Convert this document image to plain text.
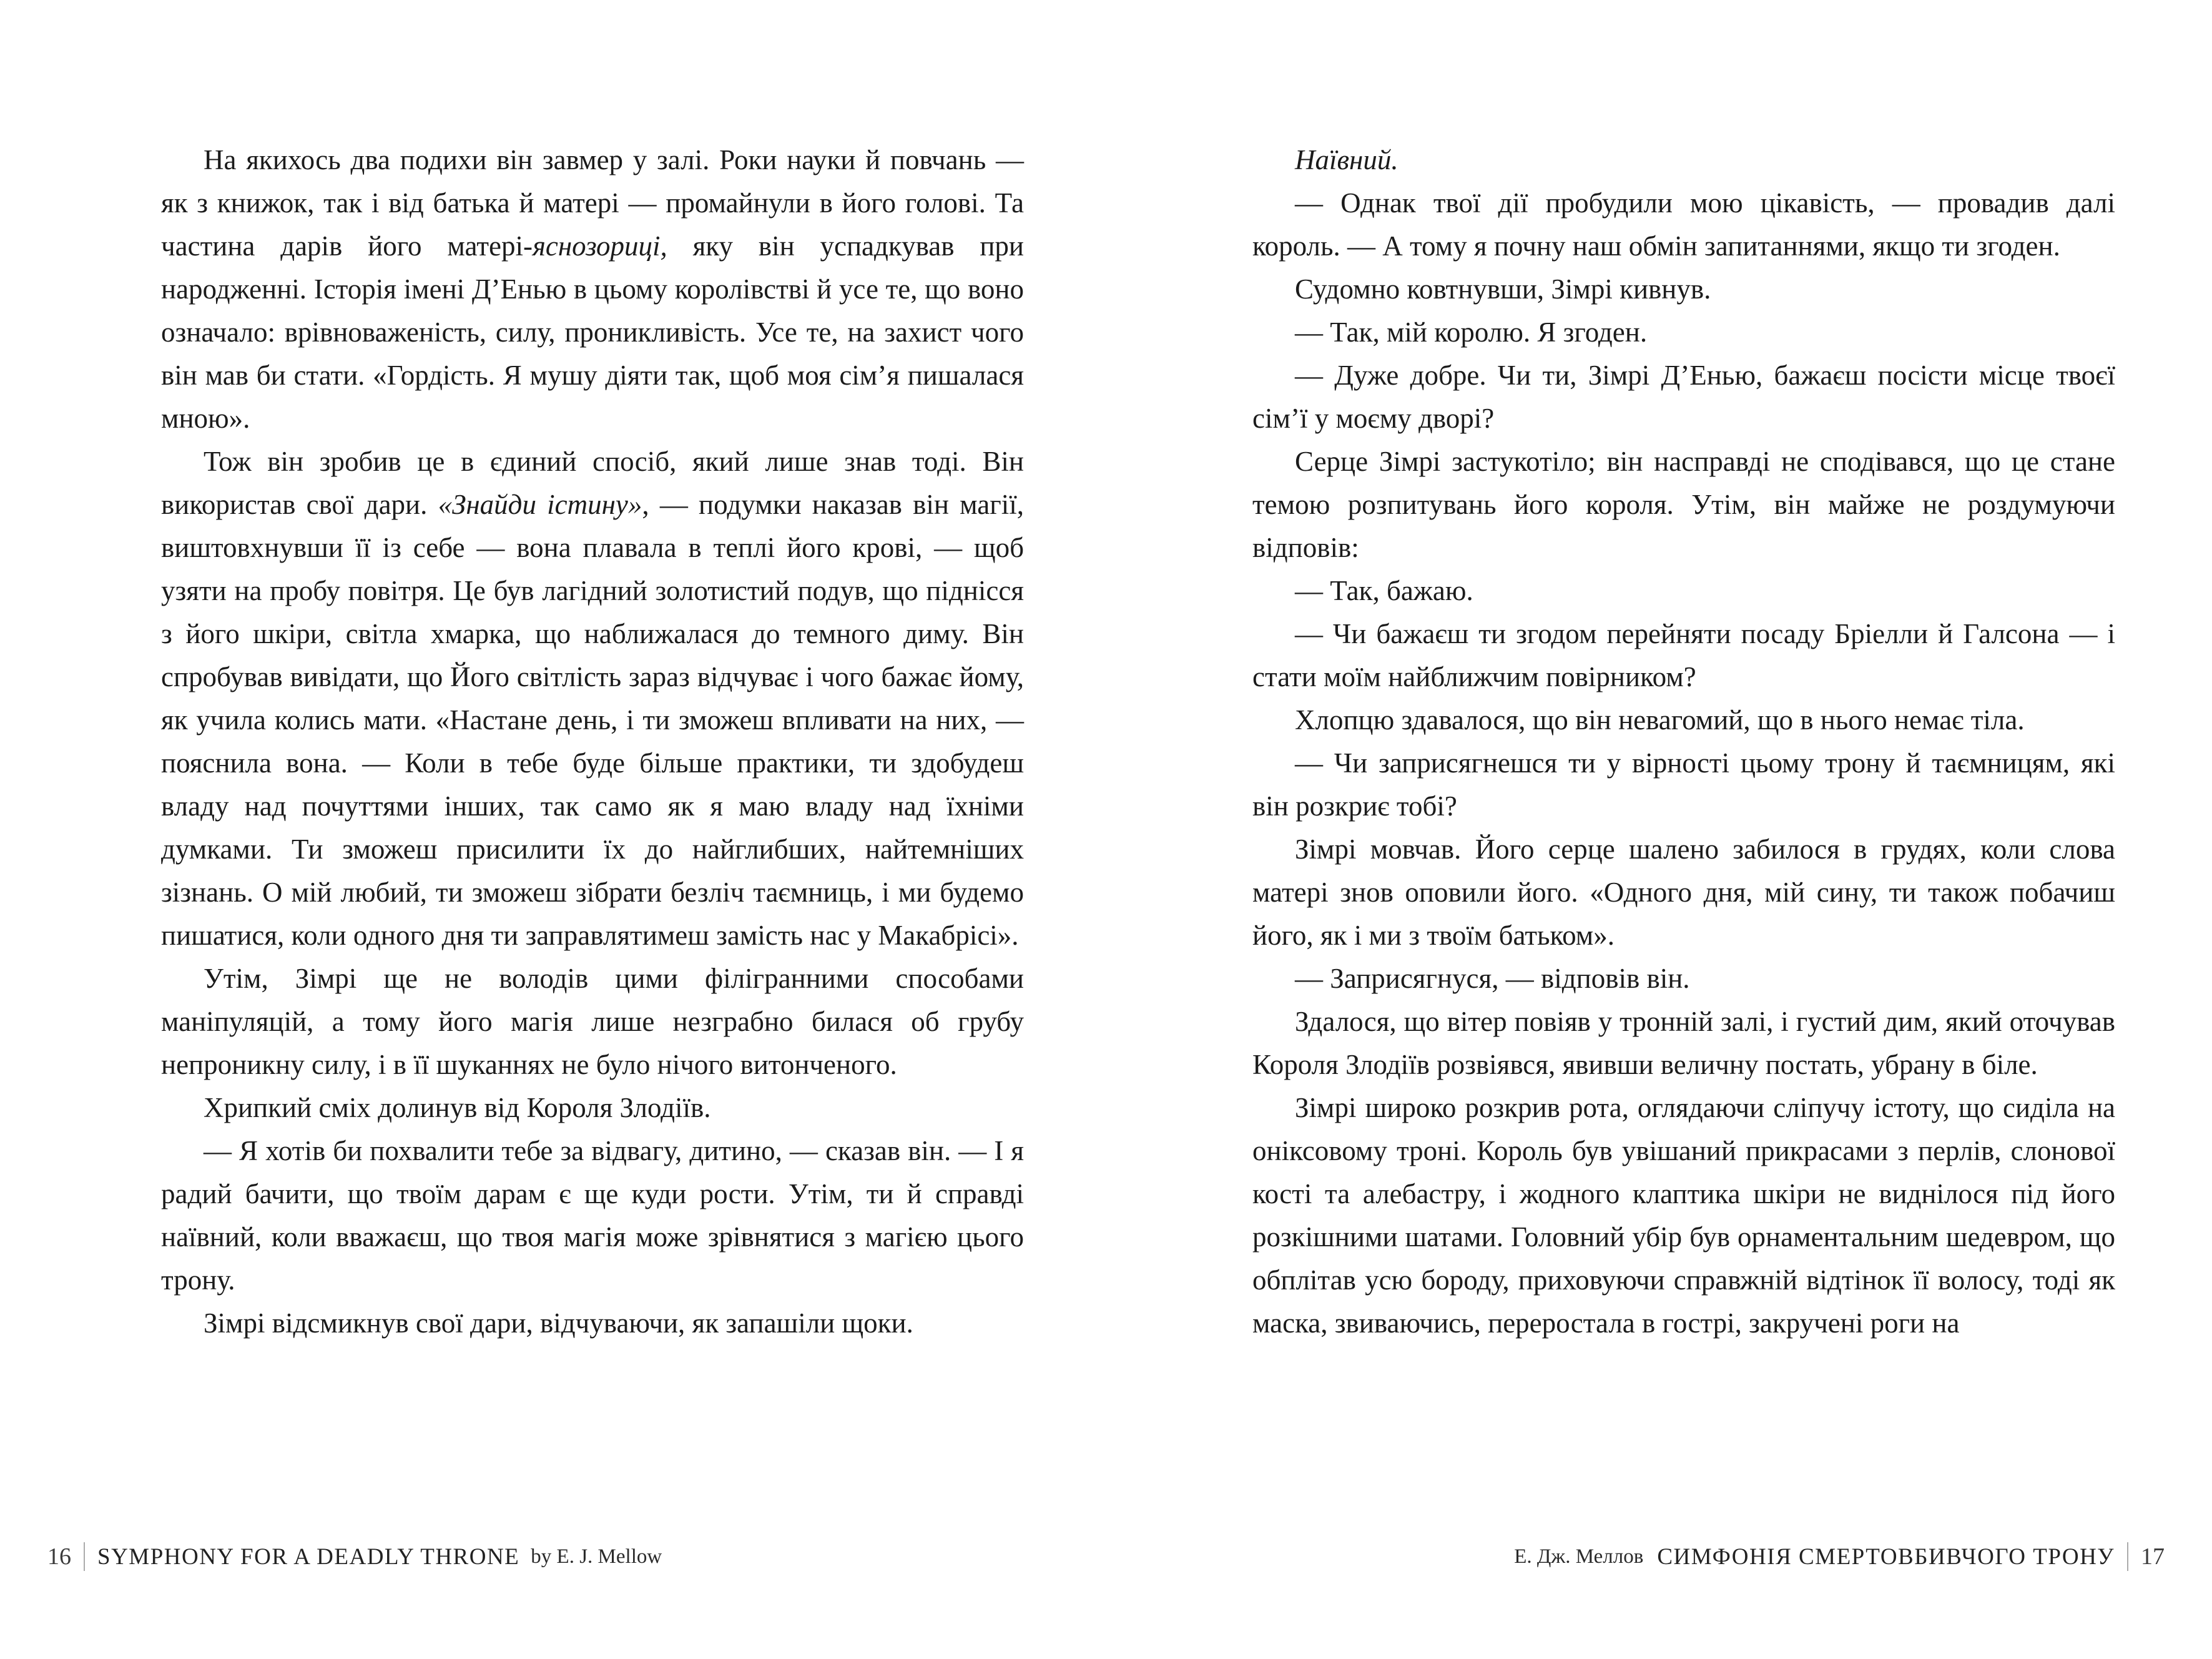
На якихось два подихи він завмер у залі. Роки науки й повчань — як з книжок, так і від батька й матері — промайнули в його голові. Та частина дарів його матері-яснозориці, яку він успадкував при народженні. Історія імені Д’Енью в цьому королівстві й усе те, що воно означало: врівноваженість, силу, проникливість. Усе те, на захист чого він мав би стати. «Гордість. Я мушу діяти так, щоб моя сім’я пишалася мною».

Тож він зробив це в єдиний спосіб, який лише знав тоді. Він використав свої дари. «Знайди істину», — подумки наказав він магії, виштовхнувши її із себе — вона плавала в теплі його крові, — щоб узяти на пробу повітря. Це був лагідний золотистий подув, що піднісся з його шкіри, світла хмарка, що наближалася до темного диму. Він спробував вивідати, що Його світлість зараз відчуває і чого бажає йому, як учила колись мати. «Настане день, і ти зможеш впливати на них, — пояснила вона. — Коли в тебе буде більше практики, ти здобудеш владу над почуттями інших, так само як я маю владу над їхніми думками. Ти зможеш присилити їх до найглибших, найтемніших зізнань. О мій любий, ти зможеш зібрати безліч таємниць, і ми будемо пишатися, коли одного дня ти заправлятимеш замість нас у Макабрісі».

Утім, Зімрі ще не володів цими філігранними способами маніпуляцій, а тому його магія лише незграбно билася об грубу непроникну силу, і в її шуканнях не було нічого витонченого.

Хрипкий сміх долинув від Короля Злодіїв.

— Я хотів би похвалити тебе за відвагу, дитино, — сказав він. — І я радий бачити, що твоїм дарам є ще куди рости. Утім, ти й справді наївний, коли вважаєш, що твоя магія може зрівнятися з магією цього трону.

Зімрі відсмикнув свої дари, відчуваючи, як запашіли щоки.

16 SYMPHONY FOR A DEADLY THRONE by E. J. Mellow

Наївний.

— Однак твої дії пробудили мою цікавість, — провадив далі король. — А тому я почну наш обмін запитаннями, якщо ти згоден.

Судомно ковтнувши, Зімрі кивнув.

— Так, мій королю. Я згоден.

— Дуже добре. Чи ти, Зімрі Д’Енью, бажаєш посісти місце твоєї сім’ї у моєму дворі?

Серце Зімрі застукотіло; він насправді не сподівався, що це стане темою розпитувань його короля. Утім, він майже не роздумуючи відповів:

— Так, бажаю.

— Чи бажаєш ти згодом перейняти посаду Бріелли й Галсона — і стати моїм найближчим повірником?

Хлопцю здавалося, що він невагомий, що в нього немає тіла.

— Чи заприсягнешся ти у вірності цьому трону й таємницям, які він розкриє тобі?

Зімрі мовчав. Його серце шалено забилося в грудях, коли слова матері знов оповили його. «Одного дня, мій сину, ти також побачиш його, як і ми з твоїм батьком».

— Заприсягнуся, — відповів він.

Здалося, що вітер повіяв у тронній залі, і густий дим, який оточував Короля Злодіїв розвіявся, явивши величну постать, убрану в біле.

Зімрі широко розкрив рота, оглядаючи сліпучу істоту, що сиділа на оніксовому троні. Король був увішаний прикрасами з перлів, слонової кості та алебастру, і жодного клаптика шкіри не виднілося під його розкішними шатами. Головний убір був орнаментальним шедевром, що обплітав усю бороду, приховуючи справжній відтінок її волосу, тоді як маска, звиваючись, переростала в гострі, закручені роги на

Е. Дж. Меллов СИМФОНІЯ СМЕРТОВБИВЧОГО ТРОНУ 17
